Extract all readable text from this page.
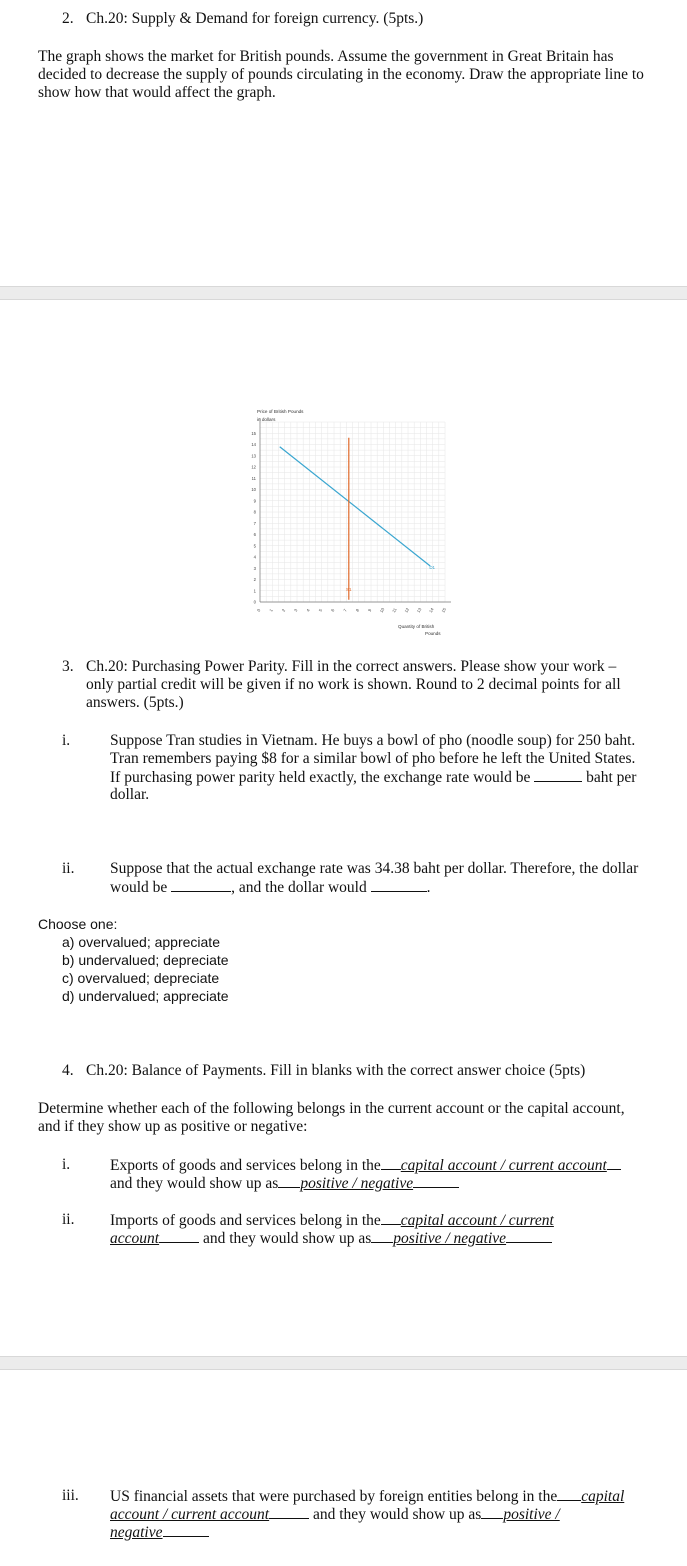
2. Ch.20: Supply & Demand for foreign currency. (5pts.)
The graph shows the market for British pounds. Assume the government in Great Britain has decided to decrease the supply of pounds circulating in the economy. Draw the appropriate line to show how that would affect the graph.
0
1
2
3
4
5
6
7
8
9
10
11
12
13
14
15
0 1 2 3 4 5 6 7 8 9 10 11 12 13 14 15
D1
S1
Price of British Pounds
in dollars
Quantity of British
Pounds
3. Ch.20: Purchasing Power Parity. Fill in the correct answers. Please show your work –
only partial credit will be given if no work is shown. Round to 2 decimal points for all
answers. (5pts.)
i.	Suppose Tran studies in Vietnam. He buys a bowl of pho (noodle soup) for 250 baht.
Tran remembers paying $8 for a similar bowl of pho before he left the United States.
If purchasing power parity held exactly, the exchange rate would be	baht per
dollar.
ii. Suppose that the actual exchange rate was 34.38 baht per dollar. Therefore, the dollar
would be	, and the dollar would	.
Choose one:
a) overvalued; appreciate
b) undervalued; depreciate
c) overvalued; depreciate
d) undervalued; appreciate
4. Ch.20: Balance of Payments. Fill in blanks with the correct answer choice (5pts)
Determine whether each of the following belongs in the current account or the capital account,
and if they show up as positive or negative:
i.	Exports of goods and services belong in the capital account / current account
and they would show up as positive / negative
ii. Imports of goods and services belong in the capital account / current
account	and they would show up as positive / negative
iii. US financial assets that were purchased by foreign entities belong in the capital
account / current account	and they would show up as positive /
negative
